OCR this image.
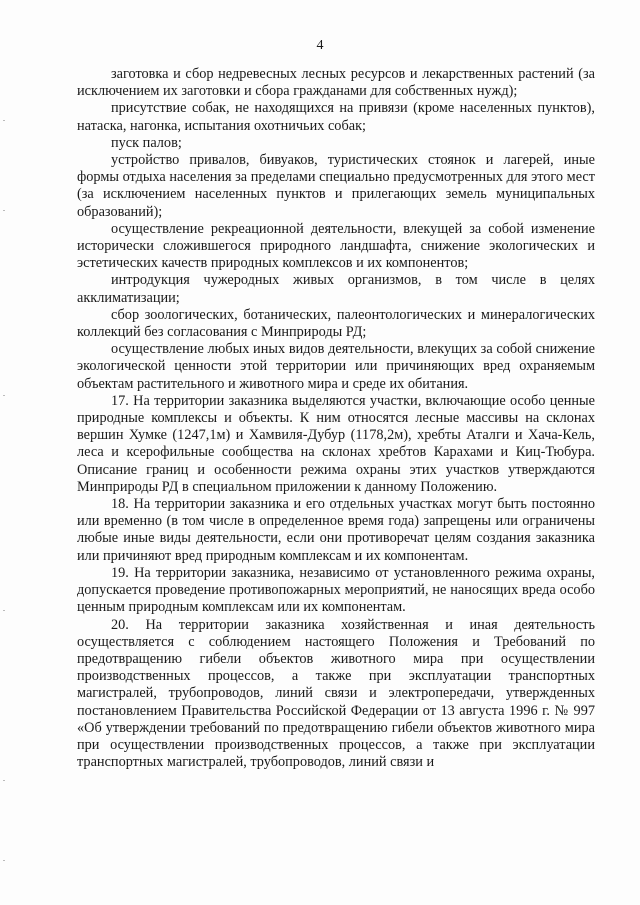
4

заготовка и сбор недревесных лесных ресурсов и лекарственных растений (за исключением их заготовки и сбора гражданами для собственных нужд);

присутствие собак, не находящихся на привязи (кроме населенных пунктов), натаска, нагонка, испытания охотничьих собак;

пуск палов;

устройство привалов, бивуаков, туристических стоянок и лагерей, иные формы отдыха населения за пределами специально предусмотренных для этого мест (за исключением населенных пунктов и прилегающих земель муниципальных образований);

осуществление рекреационной деятельности, влекущей за собой изменение исторически сложившегося природного ландшафта, снижение экологических и эстетических качеств природных комплексов и их компонентов;

интродукция чужеродных живых организмов, в том числе в целях акклиматизации;

сбор зоологических, ботанических, палеонтологических и минералогических коллекций без согласования с Минприроды РД;

осуществление любых иных видов деятельности, влекущих за собой снижение экологической ценности этой территории или причиняющих вред охраняемым объектам растительного и животного мира и среде их обитания.

17. На территории заказника выделяются участки, включающие особо ценные природные комплексы и объекты. К ним относятся лесные массивы на склонах вершин Хумке (1247,1м) и Хамвиля-Дубур (1178,2м), хребты Аталги и Хача-Кель, леса и ксерофильные сообщества на склонах хребтов Карахами и Киц-Тюбура. Описание границ и особенности режима охраны этих участков утверждаются Минприроды РД в специальном приложении к данному Положению.

18. На территории заказника и его отдельных участках могут быть постоянно или временно (в том числе в определенное время года) запрещены или ограничены любые иные виды деятельности, если они противоречат целям создания заказника или причиняют вред природным комплексам и их компонентам.

19. На территории заказника, независимо от установленного режима охраны, допускается проведение противопожарных мероприятий, не наносящих вреда особо ценным природным комплексам или их компонентам.

20. На территории заказника хозяйственная и иная деятельность осуществляется с соблюдением настоящего Положения и Требований по предотвращению гибели объектов животного мира при осуществлении производственных процессов, а также при эксплуатации транспортных магистралей, трубопроводов, линий связи и электропередачи, утвержденных постановлением Правительства Российской Федерации от 13 августа 1996 г. № 997 «Об утверждении требований по предотвращению гибели объектов животного мира при осуществлении производственных процессов, а также при эксплуатации транспортных магистралей, трубопроводов, линий связи и
